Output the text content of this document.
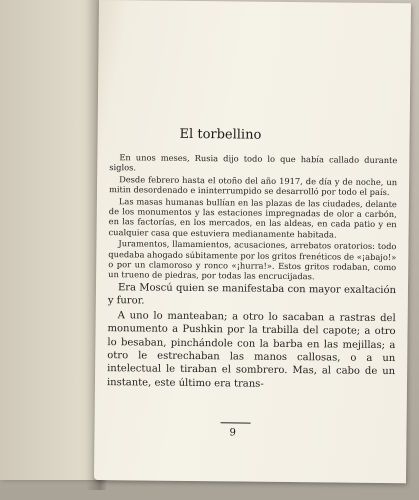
El torbellino

En unos meses, Rusia dijo todo lo que había callado durante siglos.

Desde febrero hasta el otoño del año 1917, de día y de noche, un mitin desordenado e ininterrumpido se desarrolló por todo el país.

Las masas humanas bullían en las plazas de las ciudades, delante de los monumentos y las estaciones impregnadas de olor a carbón, en las factorías, en los mercados, en las aldeas, en cada patio y en cualquier casa que estuviera medianamente habitada.

Juramentos, llamamientos, acusaciones, arrebatos oratorios: todo quedaba ahogado súbitamente por los gritos frenéticos de «¡abajo!» o por un clamoroso y ronco «¡hurra!». Estos gritos rodaban, como un trueno de piedras, por todas las encrucijadas.

Era Moscú quien se manifestaba con mayor exaltación y furor.

A uno lo manteaban; a otro lo sacaban a rastras del monumento a Pushkin por la trabilla del capote; a otro lo besaban, pinchándole con la barba en las mejillas; a otro le estrechaban las manos callosas, o a un intelectual le tiraban el sombrero. Mas, al cabo de un instante, este último era trans-

9
